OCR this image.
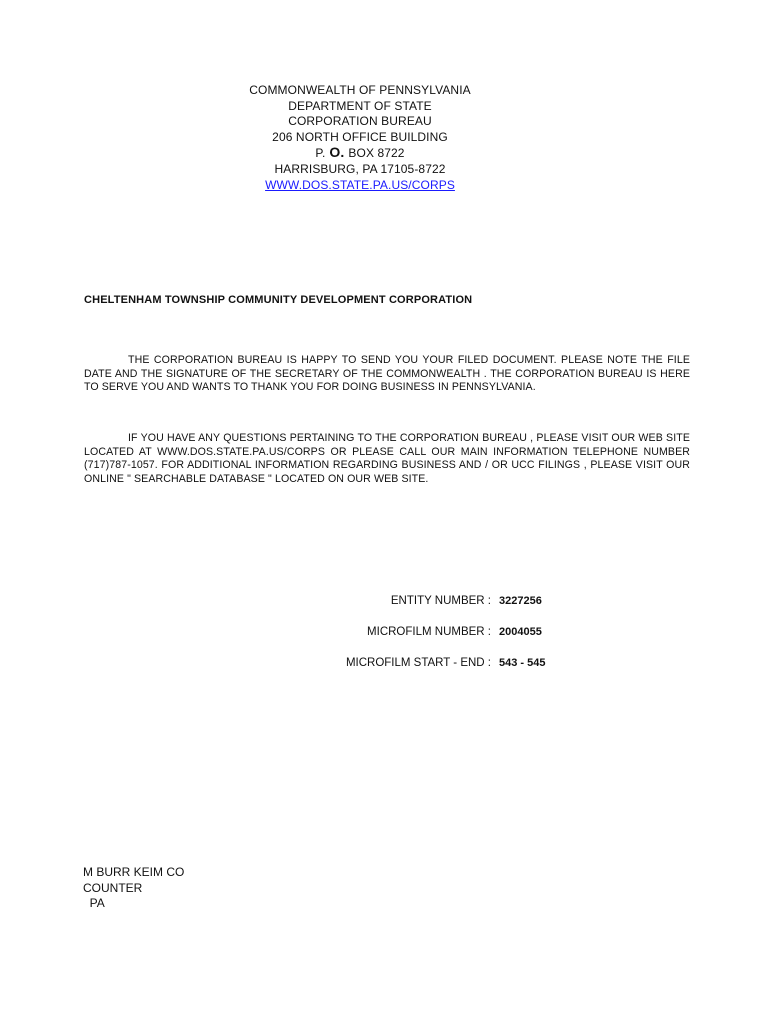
COMMONWEALTH OF PENNSYLVANIA
DEPARTMENT OF STATE
CORPORATION BUREAU
206 NORTH OFFICE BUILDING
P. O. BOX 8722
HARRISBURG, PA 17105-8722
WWW.DOS.STATE.PA.US/CORPS
CHELTENHAM TOWNSHIP COMMUNITY DEVELOPMENT CORPORATION
THE CORPORATION BUREAU IS HAPPY TO SEND YOU YOUR FILED DOCUMENT. PLEASE NOTE THE FILE DATE AND THE SIGNATURE OF THE SECRETARY OF THE COMMONWEALTH . THE CORPORATION BUREAU IS HERE TO SERVE YOU AND WANTS TO THANK YOU FOR DOING BUSINESS IN PENNSYLVANIA.
IF YOU HAVE ANY QUESTIONS PERTAINING TO THE CORPORATION BUREAU , PLEASE VISIT OUR WEB SITE LOCATED AT WWW.DOS.STATE.PA.US/CORPS OR PLEASE CALL OUR MAIN INFORMATION TELEPHONE NUMBER (717)787-1057. FOR ADDITIONAL INFORMATION REGARDING BUSINESS AND / OR UCC FILINGS , PLEASE VISIT OUR ONLINE " SEARCHABLE DATABASE " LOCATED ON OUR WEB SITE.
ENTITY NUMBER : 3227256
MICROFILM NUMBER : 2004055
MICROFILM START - END : 543 - 545
M BURR KEIM CO
COUNTER
PA
